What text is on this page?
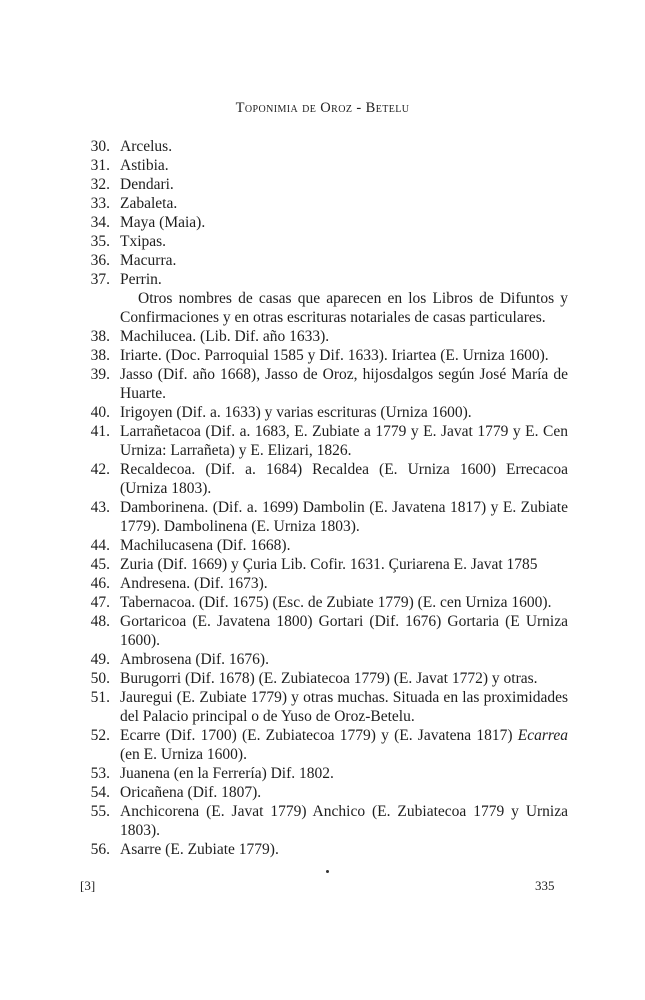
Toponimia de Oroz - Betelu
30. Arcelus.
31. Astibia.
32. Dendari.
33. Zabaleta.
34. Maya (Maia).
35. Txipas.
36. Macurra.
37. Perrin.
Otros nombres de casas que aparecen en los Libros de Difuntos y Confirmaciones y en otras escrituras notariales de casas particulares.
38. Machilucea. (Lib. Dif. año 1633).
38. Iriarte. (Doc. Parroquial 1585 y Dif. 1633). Iriartea (E. Urniza 1600).
39. Jasso (Dif. año 1668), Jasso de Oroz, hijosdalgos según José María de Huarte.
40. Irigoyen (Dif. a. 1633) y varias escrituras (Urniza 1600).
41. Larrañetacoa (Dif. a. 1683, E. Zubiate a 1779 y E. Javat 1779 y E. Cen Urniza: Larrañeta) y E. Elizari, 1826.
42. Recaldecoa. (Dif. a. 1684) Recaldea (E. Urniza 1600) Errecacoa (Urniza 1803).
43. Damborinena. (Dif. a. 1699) Dambolin (E. Javatena 1817) y E. Zubiate 1779). Dambolinena (E. Urniza 1803).
44. Machilucasena (Dif. 1668).
45. Zuria (Dif. 1669) y Çuria Lib. Cofir. 1631. Çuriarena E. Javat 1785
46. Andresena. (Dif. 1673).
47. Tabernacoa. (Dif. 1675) (Esc. de Zubiate 1779) (E. cen Urniza 1600).
48. Gortaricoa (E. Javatena 1800) Gortari (Dif. 1676) Gortaria (E Urniza 1600).
49. Ambrosena (Dif. 1676).
50. Burugorri (Dif. 1678) (E. Zubiatecoa 1779) (E. Javat 1772) y otras.
51. Jauregui (E. Zubiate 1779) y otras muchas. Situada en las proximidades del Palacio principal o de Yuso de Oroz-Betelu.
52. Ecarre (Dif. 1700) (E. Zubiatecoa 1779) y (E. Javatena 1817) Ecarrea (en E. Urniza 1600).
53. Juanena (en la Ferrería) Dif. 1802.
54. Oricañena (Dif. 1807).
55. Anchicorena (E. Javat 1779) Anchico (E. Zubiatecoa 1779 y Urniza 1803).
56. Asarre (E. Zubiate 1779).
[3]	335
